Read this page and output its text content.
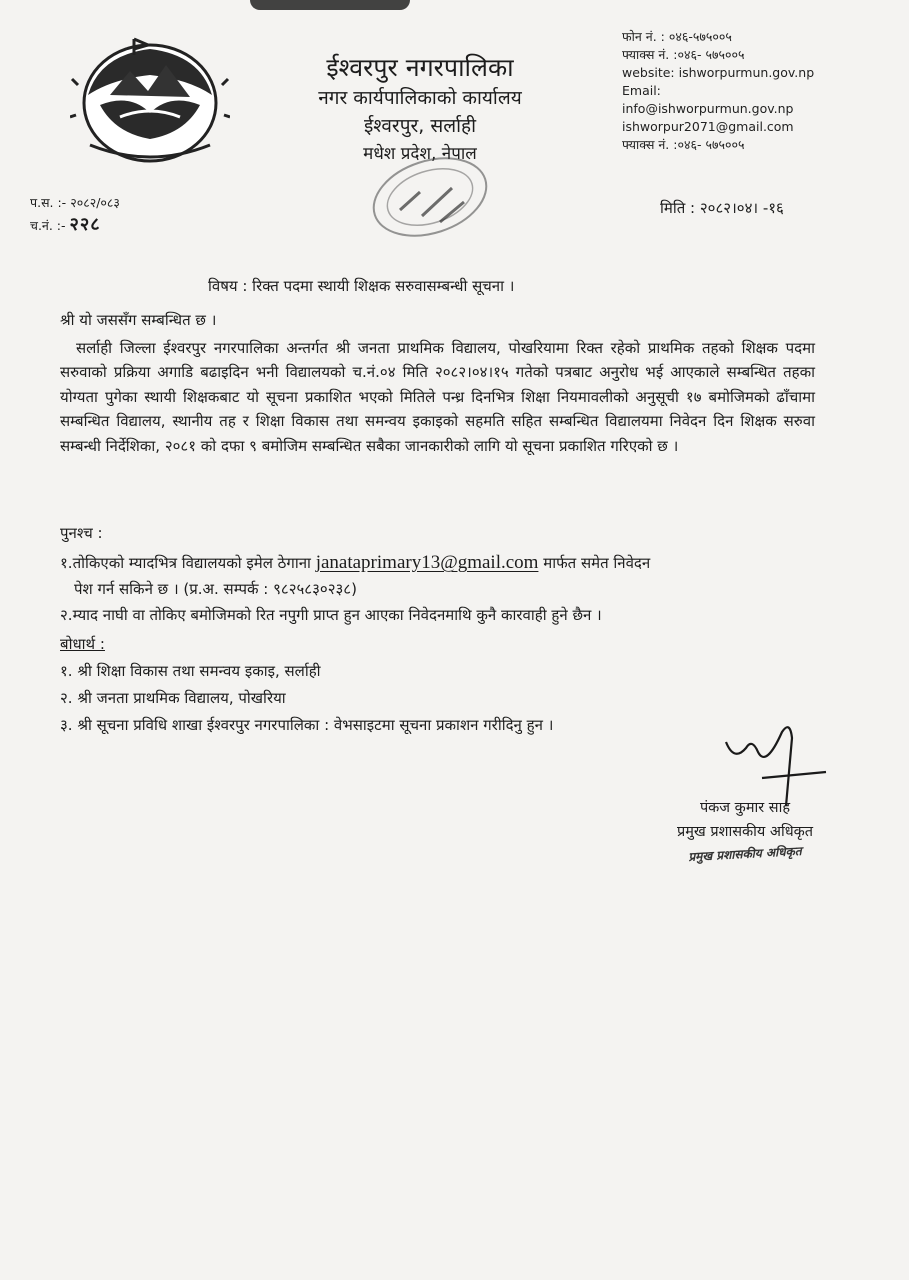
ईश्वरपुर नगरपालिका
नगर कार्यपालिकाको कार्यालय
ईश्वरपुर, सर्लाही
मधेश प्रदेश, नेपाल
फोन नं. : ०४६-५७५००५
फ्याक्स नं. :०४६- ५७५००५
website: ishworpurmun.gov.np
Email:
info@ishworpurmun.gov.np
ishworpur2071@gmail.com
फ्याक्स नं. :०४६- ५७५००५
प.स. :- २०८२/०८३
च.नं. :- २२८
मिति : २०८२।०४। -१६
विषय : रिक्त पदमा स्थायी शिक्षक सरुवासम्बन्धी सूचना ।
श्री यो जससँग सम्बन्धित छ ।
सर्लाही जिल्ला ईश्वरपुर नगरपालिका अन्तर्गत श्री जनता प्राथमिक विद्यालय, पोखरियामा रिक्त रहेको प्राथमिक तहको शिक्षक पदमा सरुवाको प्रक्रिया अगाडि बढाइदिन भनी विद्यालयको च.नं.०४ मिति २०८२।०४।१५ गतेको पत्रबाट अनुरोध भई आएकाले सम्बन्धित तहका योग्यता पुगेका स्थायी शिक्षकबाट यो सूचना प्रकाशित भएको मितिले पन्ध्र दिनभित्र शिक्षा नियमावलीको अनुसूची १७ बमोजिमको ढाँचामा सम्बन्धित विद्यालय, स्थानीय तह र शिक्षा विकास तथा समन्वय इकाइको सहमति सहित सम्बन्धित विद्यालयमा निवेदन दिन शिक्षक सरुवा सम्बन्धी निर्देशिका, २०८१ को दफा ९ बमोजिम सम्बन्धित सबैका जानकारीको लागि यो सूचना प्रकाशित गरिएको छ ।
पुनश्च :
१.तोकिएको म्यादभित्र विद्यालयको इमेल ठेगाना janataprimary13@gmail.com मार्फत समेत निवेदन
पेश गर्न सकिने छ । (प्र.अ. सम्पर्क : ९८२५८३०२३८)
२.म्याद नाघी वा तोकिए बमोजिमको रित नपुगी प्राप्त हुन आएका निवेदनमाथि कुनै कारवाही हुने छैन ।
बोधार्थ :
१. श्री शिक्षा विकास तथा समन्वय इकाइ, सर्लाही
२. श्री जनता प्राथमिक विद्यालय, पोखरिया
३. श्री सूचना प्रविधि शाखा ईश्वरपुर नगरपालिका : वेभसाइटमा सूचना प्रकाशन गरीदिनु हुन ।
पंकज कुमार साह
प्रमुख प्रशासकीय अधिकृत
प्रमुख प्रशासकीय अधिकृत
